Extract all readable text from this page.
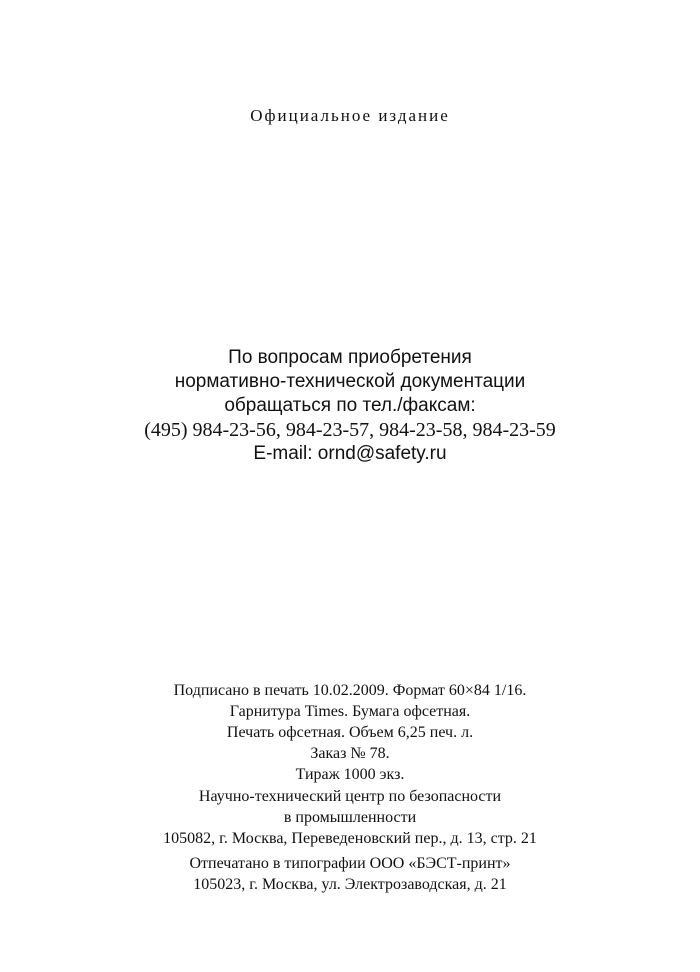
Официальное издание
По вопросам приобретения
нормативно-технической документации
обращаться по тел./факсам:
(495) 984-23-56, 984-23-57, 984-23-58, 984-23-59
E-mail: ornd@safety.ru
Подписано в печать 10.02.2009. Формат 60×84 1/16.
Гарнитура Times. Бумага офсетная.
Печать офсетная. Объем 6,25 печ. л.
Заказ № 78.
Тираж 1000 экз.
Научно-технический центр по безопасности
в промышленности
105082, г. Москва, Переведеновский пер., д. 13, стр. 21
Отпечатано в типографии ООО «БЭСТ-принт»
105023, г. Москва, ул. Электрозаводская, д. 21
